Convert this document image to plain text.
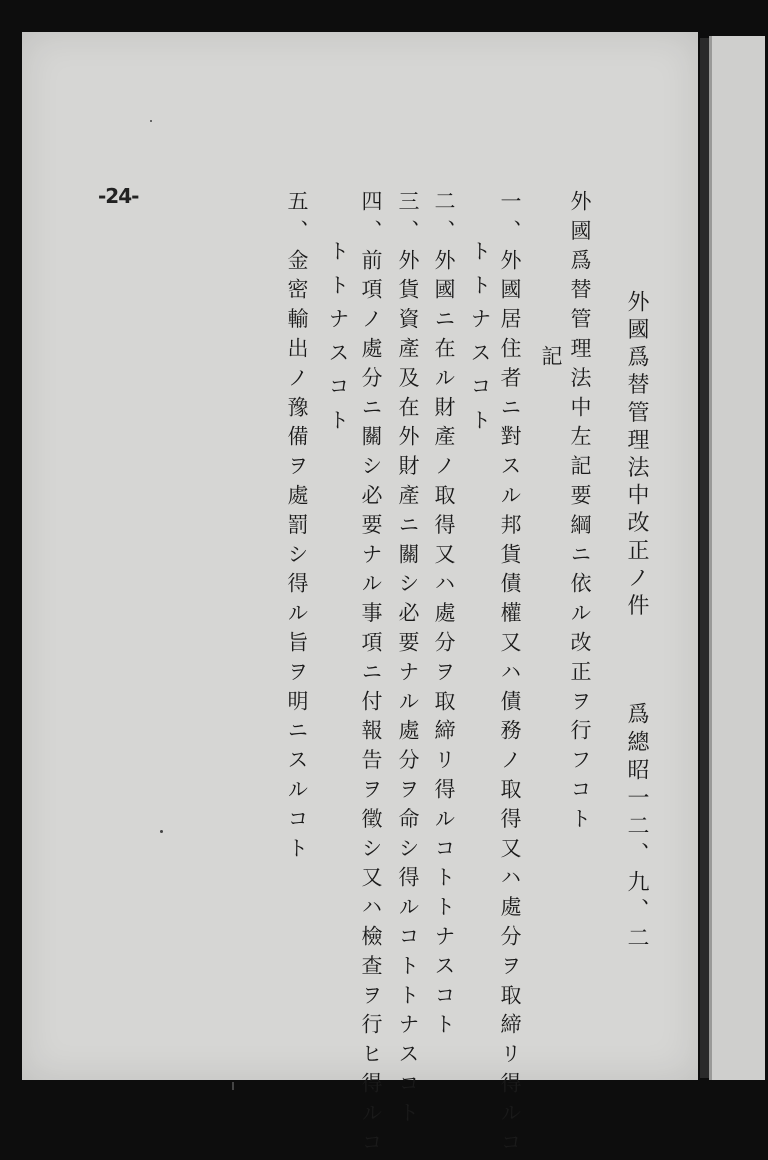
-24-
外國爲替管理法中改正ノ件
爲總昭一二、九、二
外國爲替管理法中左記要綱ニ依ル改正ヲ行フコト
記
一、外國居住者ニ對スル邦貨債權又ハ債務ノ取得又ハ處分ヲ取締リ得ルコ
トトナスコト
二、外國ニ在ル財產ノ取得又ハ處分ヲ取締リ得ルコトトナスコト
三、外貨資產及在外財產ニ關シ必要ナル處分ヲ命シ得ルコトトナスコト
四、前項ノ處分ニ關シ必要ナル事項ニ付報告ヲ徵シ又ハ檢查ヲ行ヒ得ルコ
トトナスコト
五、金密輸出ノ豫備ヲ處罰シ得ル旨ヲ明ニスルコト
